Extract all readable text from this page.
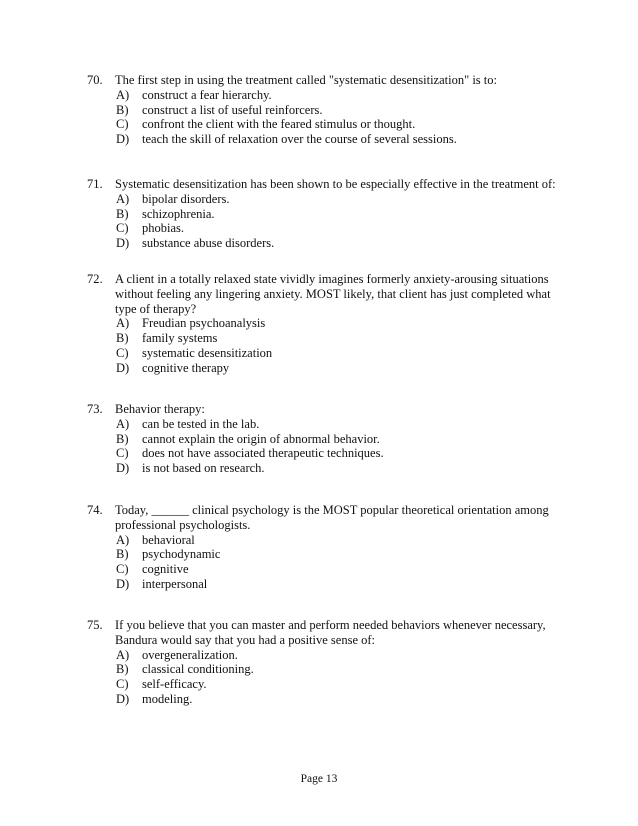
70. The first step in using the treatment called "systematic desensitization" is to:
A)	construct a fear hierarchy.
B)	construct a list of useful reinforcers.
C)	confront the client with the feared stimulus or thought.
D)	teach the skill of relaxation over the course of several sessions.
71. Systematic desensitization has been shown to be especially effective in the treatment of:
A)	bipolar disorders.
B)	schizophrenia.
C)	phobias.
D)	substance abuse disorders.
72. A client in a totally relaxed state vividly imagines formerly anxiety-arousing situations without feeling any lingering anxiety. MOST likely, that client has just completed what type of therapy?
A)	Freudian psychoanalysis
B)	family systems
C)	systematic desensitization
D)	cognitive therapy
73. Behavior therapy:
A)	can be tested in the lab.
B)	cannot explain the origin of abnormal behavior.
C)	does not have associated therapeutic techniques.
D)	is not based on research.
74. Today, ______ clinical psychology is the MOST popular theoretical orientation among professional psychologists.
A)	behavioral
B)	psychodynamic
C)	cognitive
D)	interpersonal
75. If you believe that you can master and perform needed behaviors whenever necessary, Bandura would say that you had a positive sense of:
A)	overgeneralization.
B)	classical conditioning.
C)	self-efficacy.
D)	modeling.
Page 13
